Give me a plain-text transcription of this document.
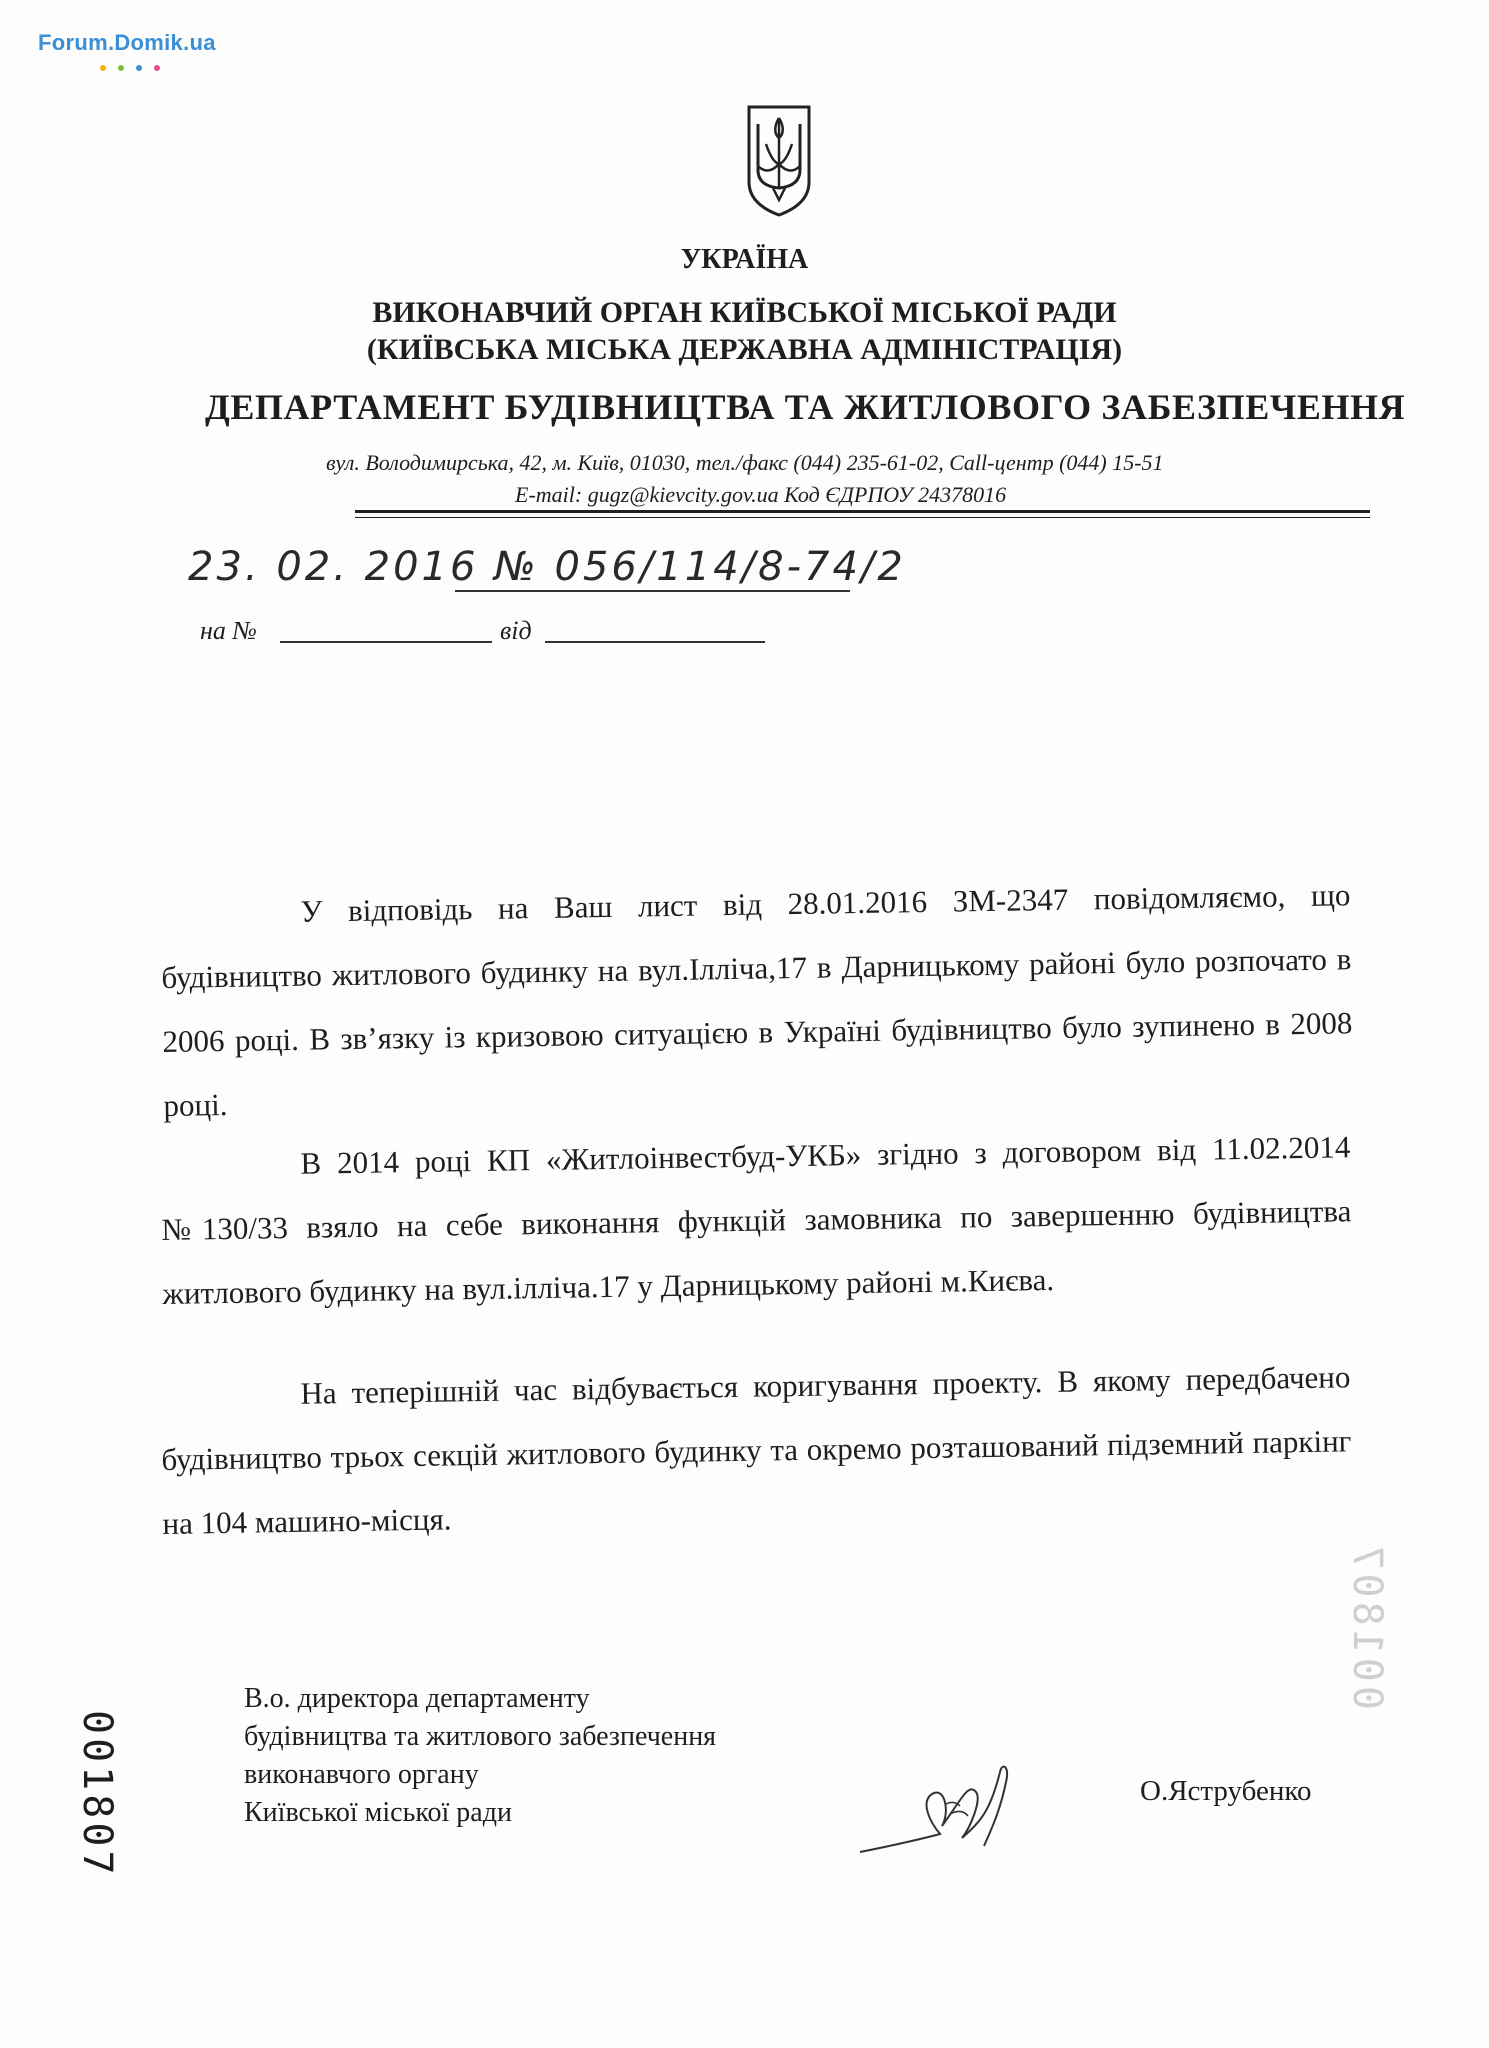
Forum.Domik.ua
УКРАЇНА
ВИКОНАВЧИЙ ОРГАН КИЇВСЬКОЇ МІСЬКОЇ РАДИ
(КИЇВСЬКА МІСЬКА ДЕРЖАВНА АДМІНІСТРАЦІЯ)
ДЕПАРТАМЕНТ БУДІВНИЦТВА ТА ЖИТЛОВОГО ЗАБЕЗПЕЧЕННЯ
вул. Володимирська, 42, м. Київ, 01030, тел./факс (044) 235-61-02, Call-центр (044) 15-51
E-mail: gugz@kievcity.gov.ua Код ЄДРПОУ 24378016
23. 02. 2016 № 056/114/8-74/2
на №	від

У відповідь на Ваш лист від 28.01.2016 ЗМ-2347 повідомляємо, що будівництво житлового будинку на вул.Ілліча,17 в Дарницькому районі було розпочато в 2006 році. В зв’язку із кризовою ситуацією в Україні будівництво було зупинено в 2008 році.

В 2014 році КП «Житлоінвестбуд-УКБ» згідно з договором від 11.02.2014 №130/33 взяло на себе виконання функцій замовника по завершенню будівництва житлового будинку на вул.ілліча.17 у Дарницькому районі м.Києва.

На теперішній час відбувається коригування проекту. В якому передбачено будівництво трьох секцій житлового будинку та окремо розташований підземний паркінг на 104 машино-місця.

В.о. директора департаменту
будівництва та житлового забезпечення
виконавчого органу
Київської міської ради
О.Яструбенко
001807
001807
